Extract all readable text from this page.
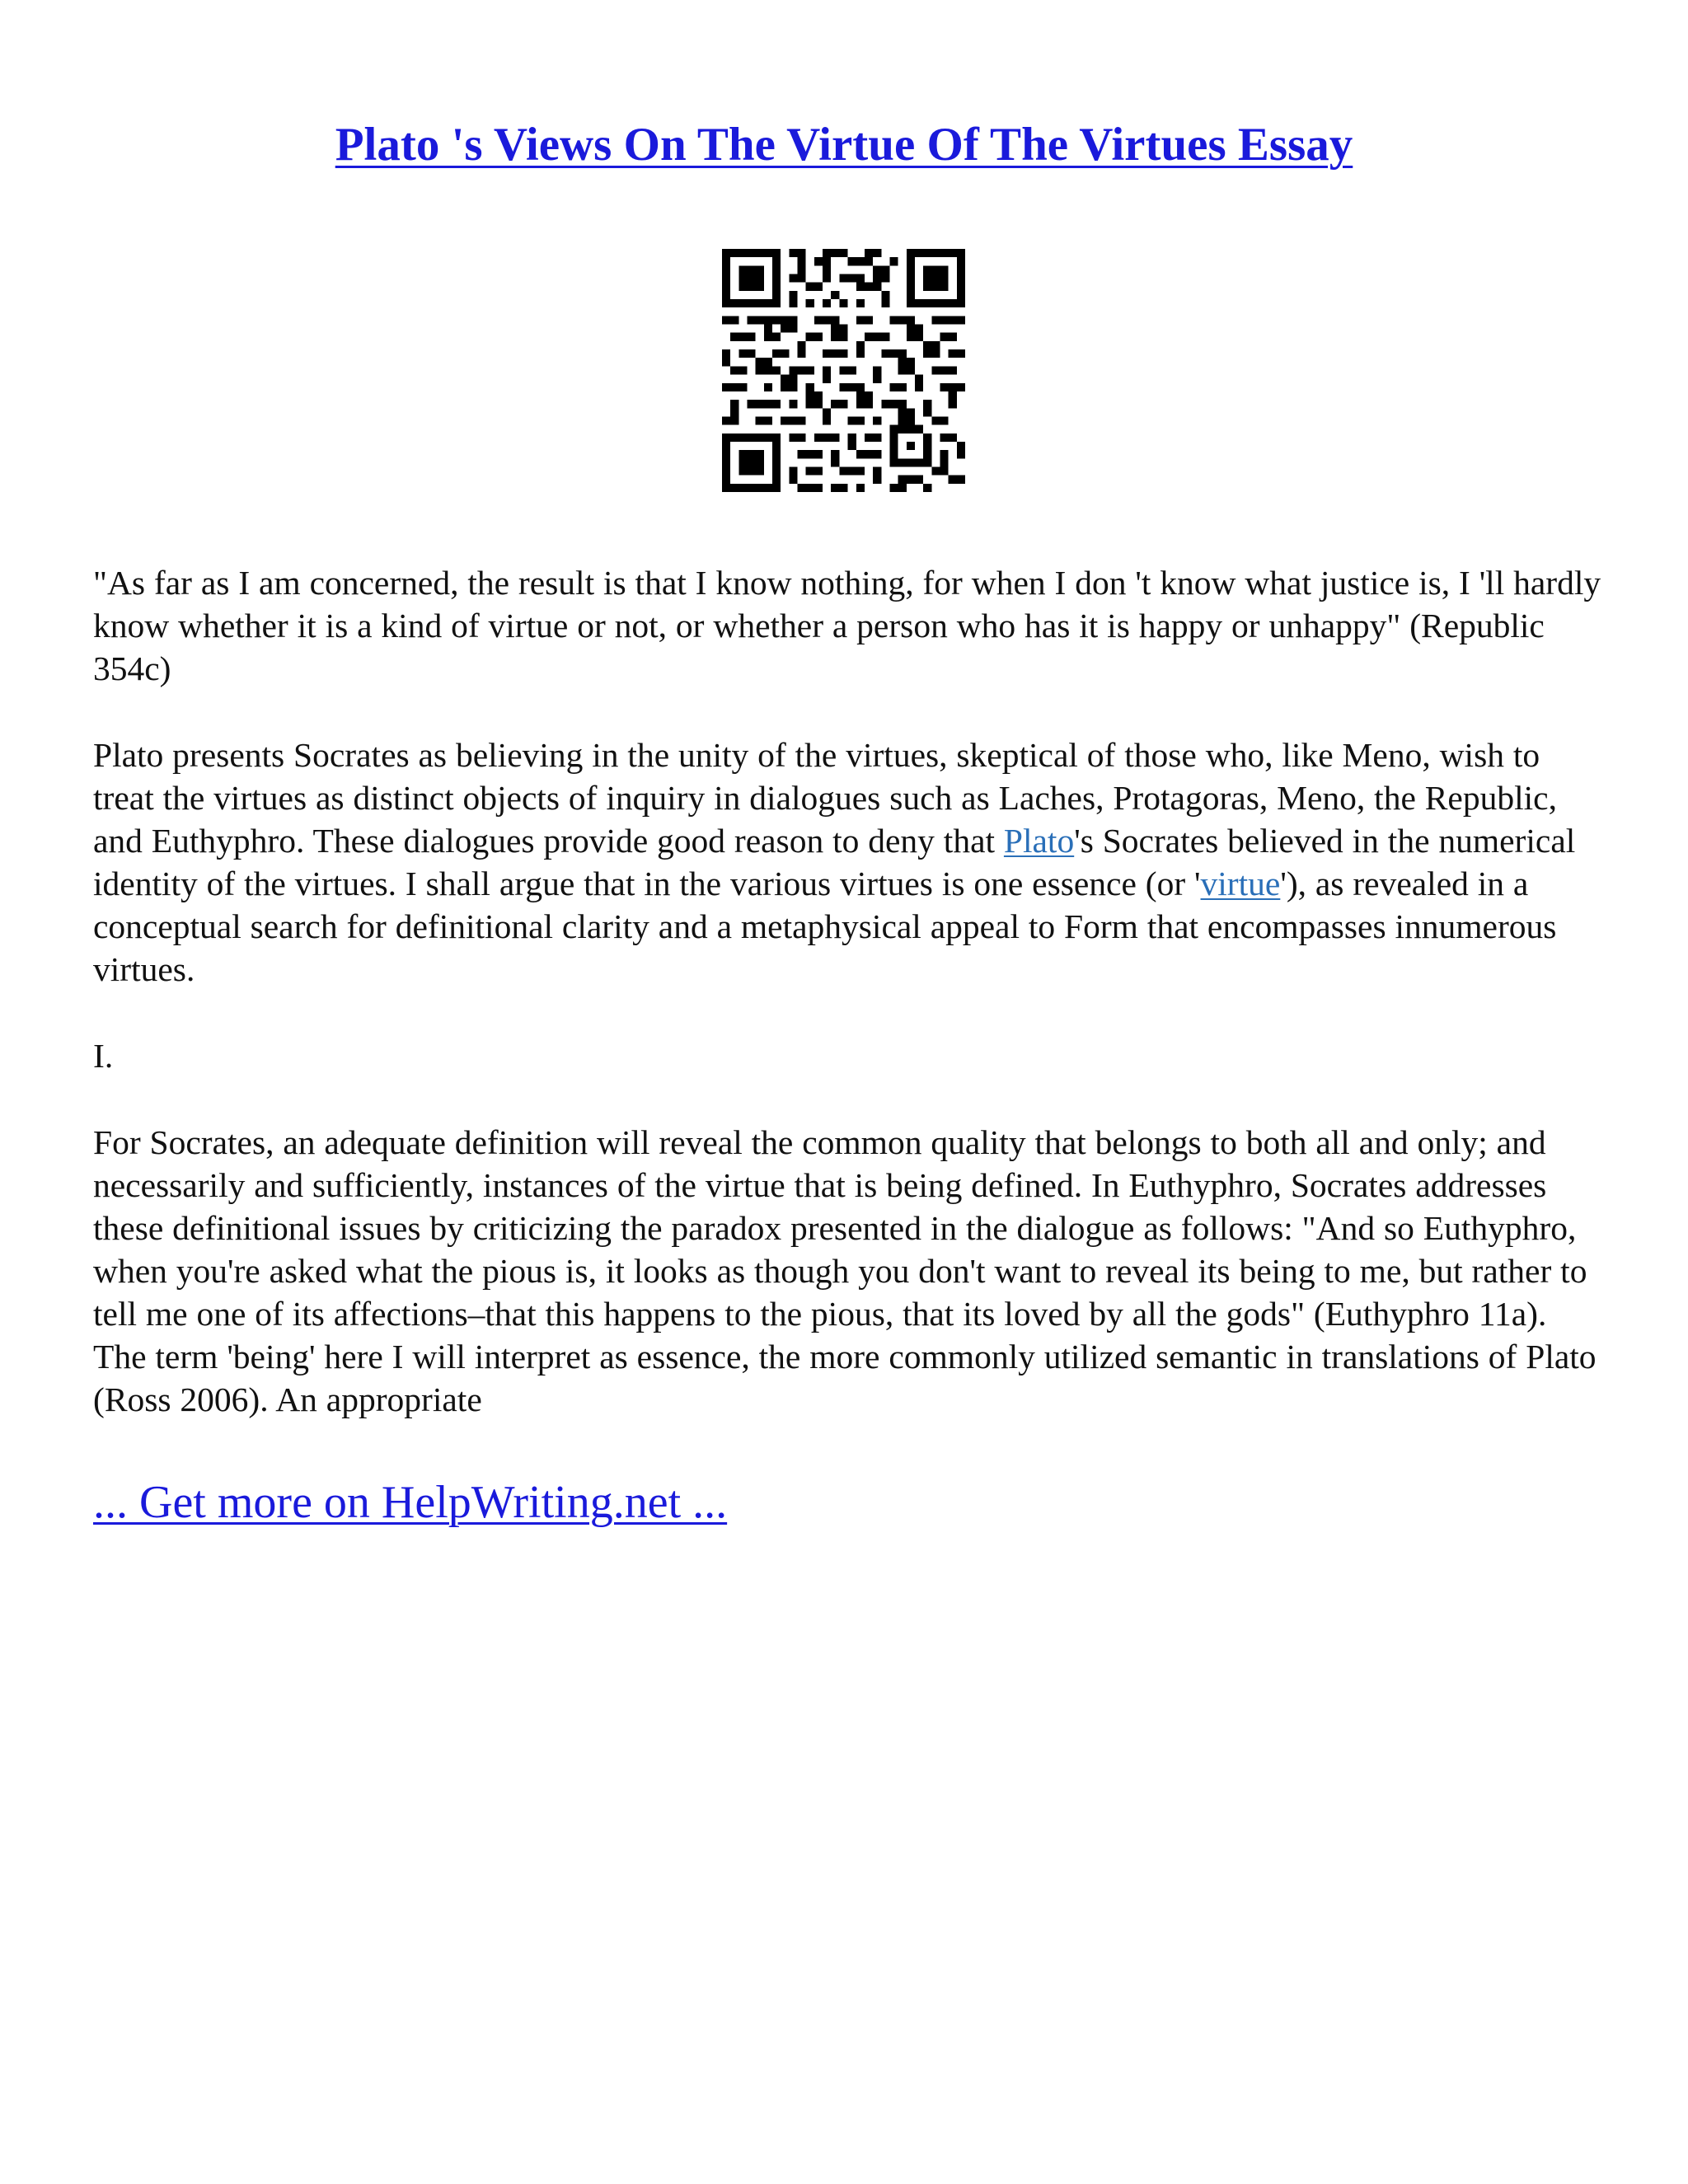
Plato 's Views On The Virtue Of The Virtues Essay

"As far as I am concerned, the result is that I know nothing, for when I don 't know what justice is, I 'll hardly know whether it is a kind of virtue or not, or whether a person who has it is happy or unhappy" (Republic 354c)

Plato presents Socrates as believing in the unity of the virtues, skeptical of those who, like Meno, wish to treat the virtues as distinct objects of inquiry in dialogues such as Laches, Protagoras, Meno, the Republic, and Euthyphro. These dialogues provide good reason to deny that Plato's Socrates believed in the numerical identity of the virtues. I shall argue that in the various virtues is one essence (or 'virtue'), as revealed in a conceptual search for definitional clarity and a metaphysical appeal to Form that encompasses innumerous virtues.

I.

For Socrates, an adequate definition will reveal the common quality that belongs to both all and only; and necessarily and sufficiently, instances of the virtue that is being defined. In Euthyphro, Socrates addresses these definitional issues by criticizing the paradox presented in the dialogue as follows: "And so Euthyphro, when you're asked what the pious is, it looks as though you don't want to reveal its being to me, but rather to tell me one of its affections–that this happens to the pious, that its loved by all the gods" (Euthyphro 11a). The term 'being' here I will interpret as essence, the more commonly utilized semantic in translations of Plato (Ross 2006). An appropriate

... Get more on HelpWriting.net ...
